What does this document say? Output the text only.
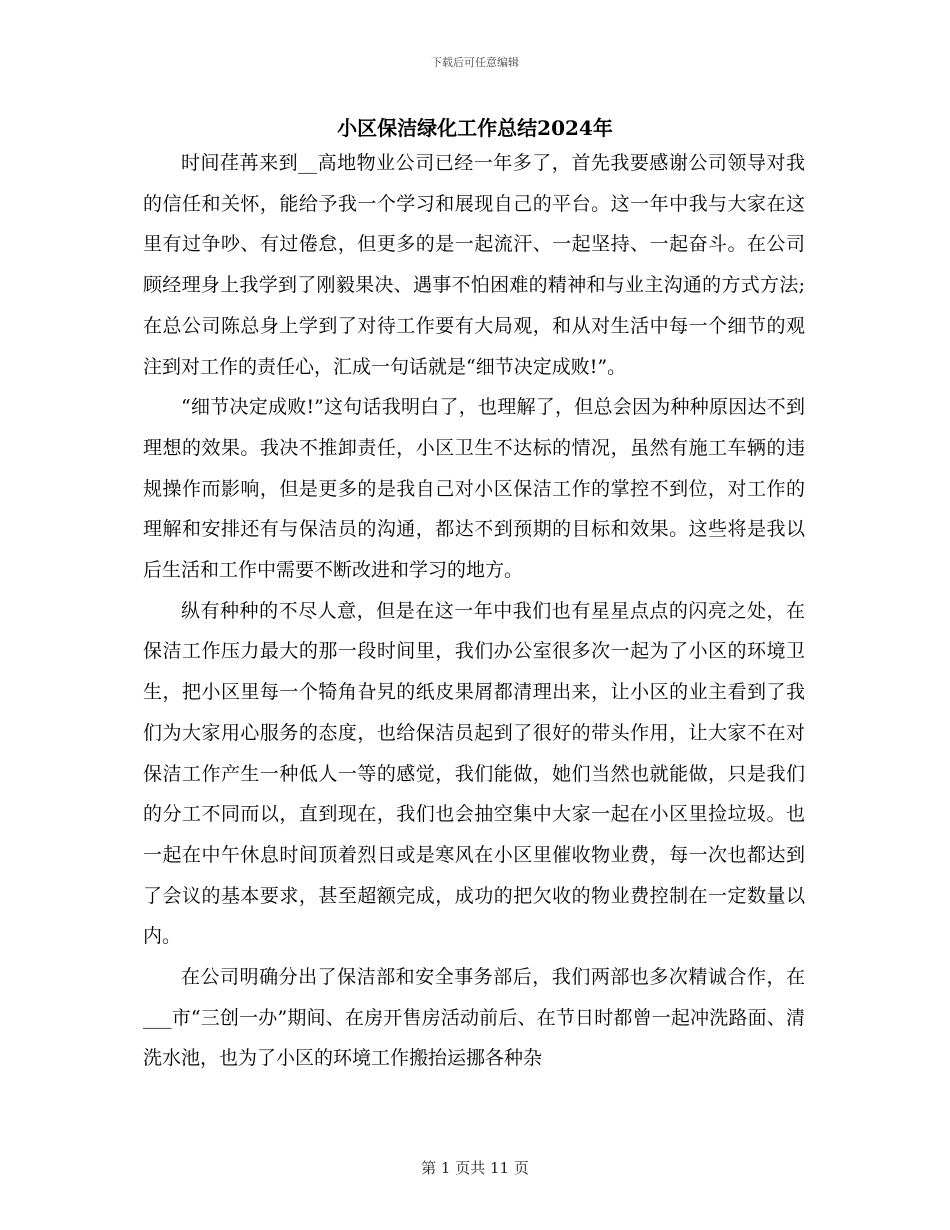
下载后可任意编辑
小区保洁绿化工作总结2024年

时间荏苒来到__高地物业公司已经一年多了，首先我要感谢公司领导对我的信任和关怀，能给予我一个学习和展现自己的平台。这一年中我与大家在这里有过争吵、有过倦怠，但更多的是一起流汗、一起坚持、一起奋斗。在公司顾经理身上我学到了刚毅果决、遇事不怕困难的精神和与业主沟通的方式方法;在总公司陈总身上学到了对待工作要有大局观，和从对生活中每一个细节的观注到对工作的责任心，汇成一句话就是“细节决定成败!”。

“细节决定成败!”这句话我明白了，也理解了，但总会因为种种原因达不到理想的效果。我决不推卸责任，小区卫生不达标的情况，虽然有施工车辆的违规操作而影响，但是更多的是我自己对小区保洁工作的掌控不到位，对工作的理解和安排还有与保洁员的沟通，都达不到预期的目标和效果。这些将是我以后生活和工作中需要不断改进和学习的地方。

纵有种种的不尽人意，但是在这一年中我们也有星星点点的闪亮之处，在保洁工作压力最大的那一段时间里，我们办公室很多次一起为了小区的环境卫生，把小区里每一个犄角旮旯的纸皮果屑都清理出来，让小区的业主看到了我们为大家用心服务的态度，也给保洁员起到了很好的带头作用，让大家不在对保洁工作产生一种低人一等的感觉，我们能做，她们当然也就能做，只是我们的分工不同而以，直到现在，我们也会抽空集中大家一起在小区里捡垃圾。也一起在中午休息时间顶着烈日或是寒风在小区里催收物业费，每一次也都达到了会议的基本要求，甚至超额完成，成功的把欠收的物业费控制在一定数量以内。

在公司明确分出了保洁部和安全事务部后，我们两部也多次精诚合作，在___市“三创一办”期间、在房开售房活动前后、在节日时都曾一起冲洗路面、清洗水池，也为了小区的环境工作搬抬运挪各种杂

第 1 页共 11 页
